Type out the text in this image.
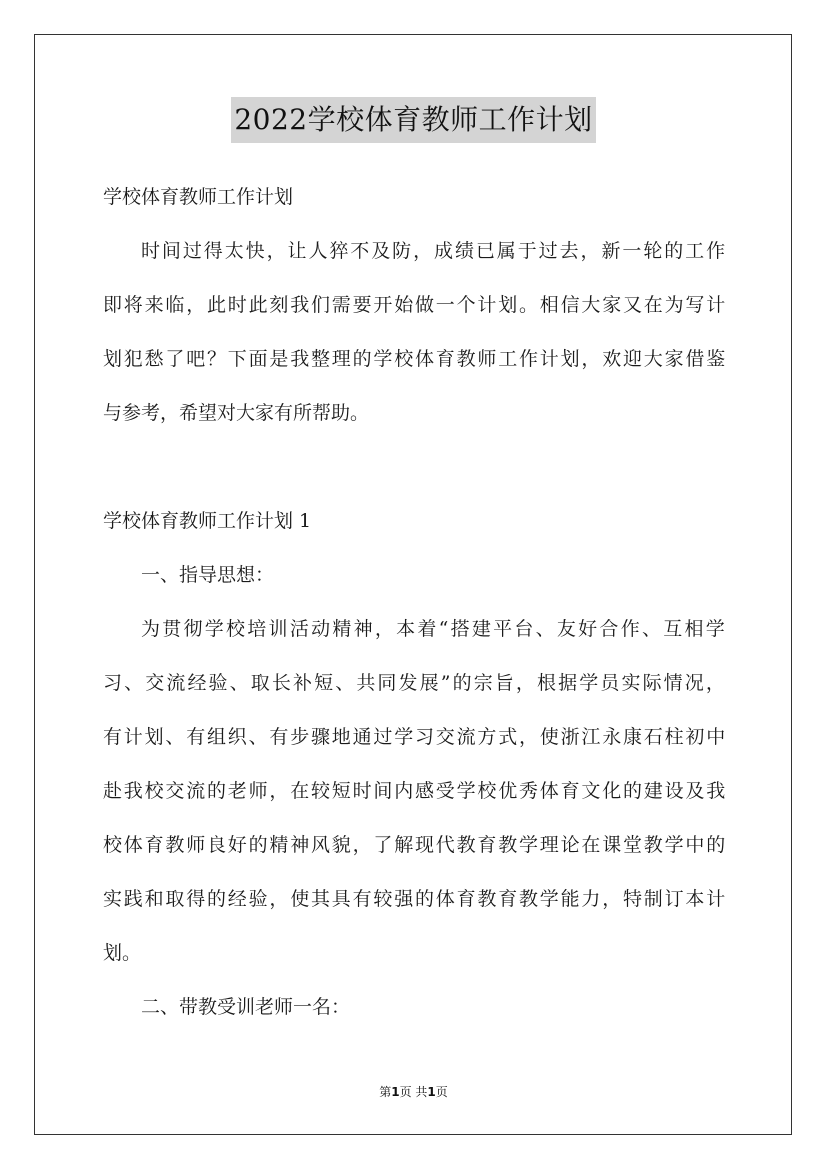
2022学校体育教师工作计划

学校体育教师工作计划

时间过得太快，让人猝不及防，成绩已属于过去，新一轮的工作
即将来临，此时此刻我们需要开始做一个计划。相信大家又在为写计
划犯愁了吧？下面是我整理的学校体育教师工作计划，欢迎大家借鉴
与参考，希望对大家有所帮助。
学校体育教师工作计划 1
一、指导思想：
为贯彻学校培训活动精神，本着“搭建平台、友好合作、互相学
习、交流经验、取长补短、共同发展”的宗旨，根据学员实际情况，
有计划、有组织、有步骤地通过学习交流方式，使浙江永康石柱初中
赴我校交流的老师，在较短时间内感受学校优秀体育文化的建设及我
校体育教师良好的精神风貌，了解现代教育教学理论在课堂教学中的
实践和取得的经验，使其具有较强的体育教育教学能力，特制订本计
划。
二、带教受训老师一名：
第1页 共1页
